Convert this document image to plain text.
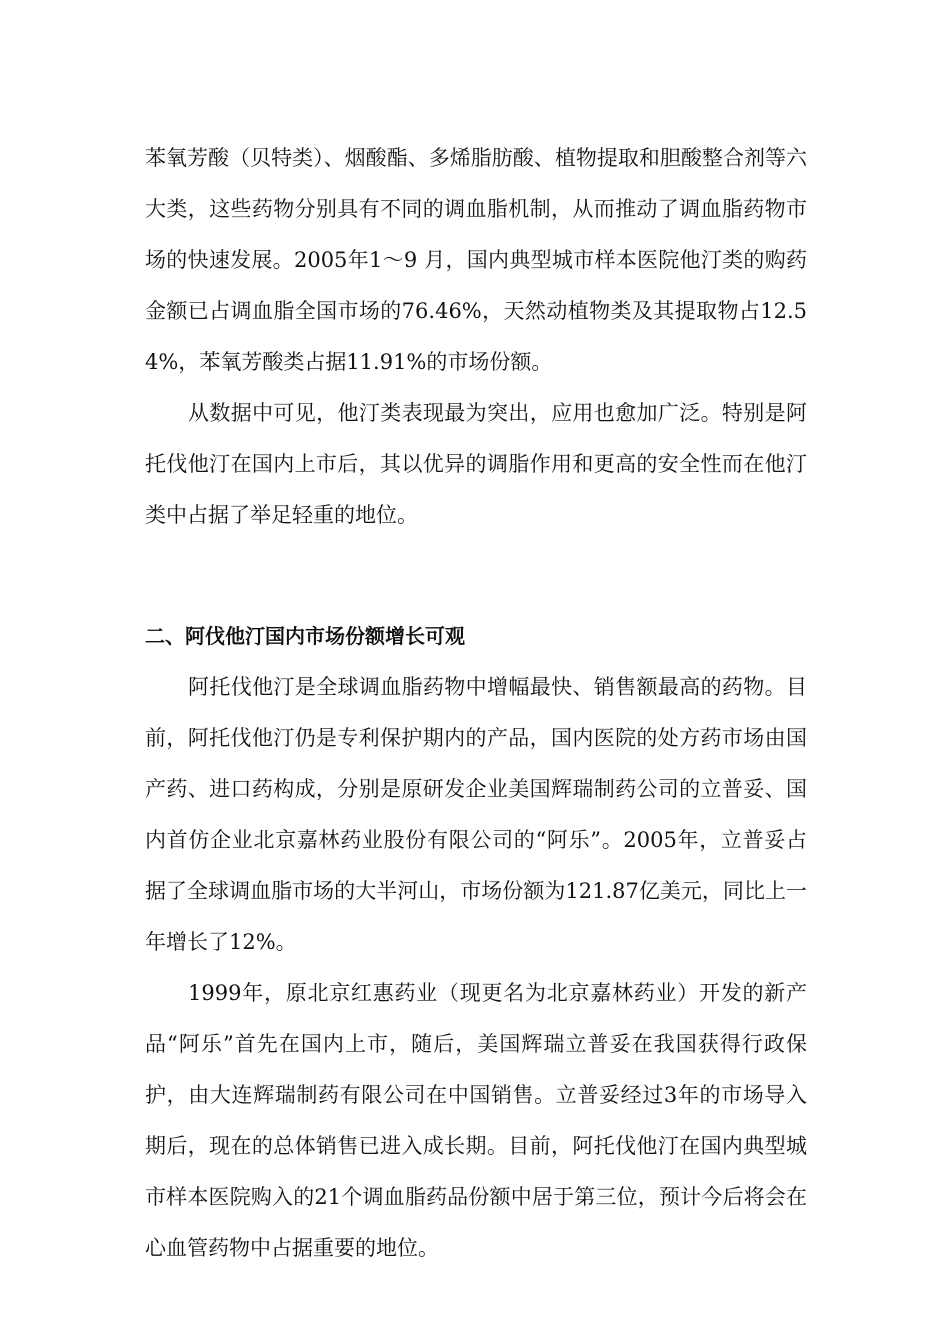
苯氧芳酸（贝特类）、烟酸酯、多烯脂肪酸、植物提取和胆酸整合剂等六大类，这些药物分别具有不同的调血脂机制，从而推动了调血脂药物市场的快速发展。2005年1～9 月，国内典型城市样本医院他汀类的购药金额已占调血脂全国市场的76.46%，天然动植物类及其提取物占12.54%，苯氧芳酸类占据11.91%的市场份额。

从数据中可见，他汀类表现最为突出，应用也愈加广泛。特别是阿托伐他汀在国内上市后，其以优异的调脂作用和更高的安全性而在他汀类中占据了举足轻重的地位。

二、阿伐他汀国内市场份额增长可观

阿托伐他汀是全球调血脂药物中增幅最快、销售额最高的药物。目前，阿托伐他汀仍是专利保护期内的产品，国内医院的处方药市场由国产药、进口药构成，分别是原研发企业美国辉瑞制药公司的立普妥、国内首仿企业北京嘉林药业股份有限公司的“阿乐”。2005年，立普妥占据了全球调血脂市场的大半河山，市场份额为121.87亿美元，同比上一年增长了12%。

1999年，原北京红惠药业（现更名为北京嘉林药业）开发的新产品“阿乐”首先在国内上市，随后，美国辉瑞立普妥在我国获得行政保护，由大连辉瑞制药有限公司在中国销售。立普妥经过3年的市场导入期后，现在的总体销售已进入成长期。目前，阿托伐他汀在国内典型城市样本医院购入的21个调血脂药品份额中居于第三位，预计今后将会在心血管药物中占据重要的地位。
